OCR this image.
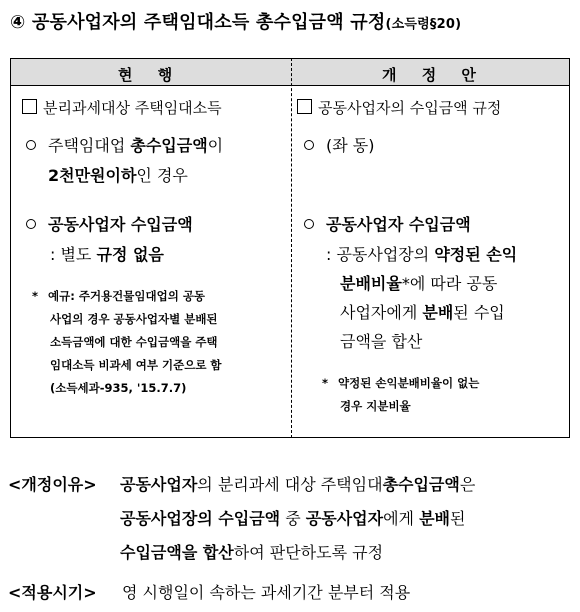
④ 공동사업자의 주택임대소득 총수입금액 규정(소득령§20)
현 행	개 정 안
분리과세대상 주택임대소득
주택임대업 총수입금액이
2천만원이하인 경우
공동사업자 수입금액
: 별도 규정 없음
* 예규: 주거용건물임대업의 공동
사업의 경우 공동사업자별 분배된
소득금액에 대한 수입금액을 주택
임대소득 비과세 여부 기준으로 함
(소득세과-935, '15.7.7)
공동사업자의 수입금액 규정
(좌 동)
공동사업자 수입금액
: 공동사업장의 약정된 손익
분배비율*에 따라 공동
사업자에게 분배된 수입
금액을 합산
* 약정된 손익분배비율이 없는
경우 지분비율
<개정이유> 공동사업자의 분리과세 대상 주택임대총수입금액은
공동사업장의 수입금액 중 공동사업자에게 분배된
수입금액을 합산하여 판단하도록 규정
<적용시기> 영 시행일이 속하는 과세기간 분부터 적용
